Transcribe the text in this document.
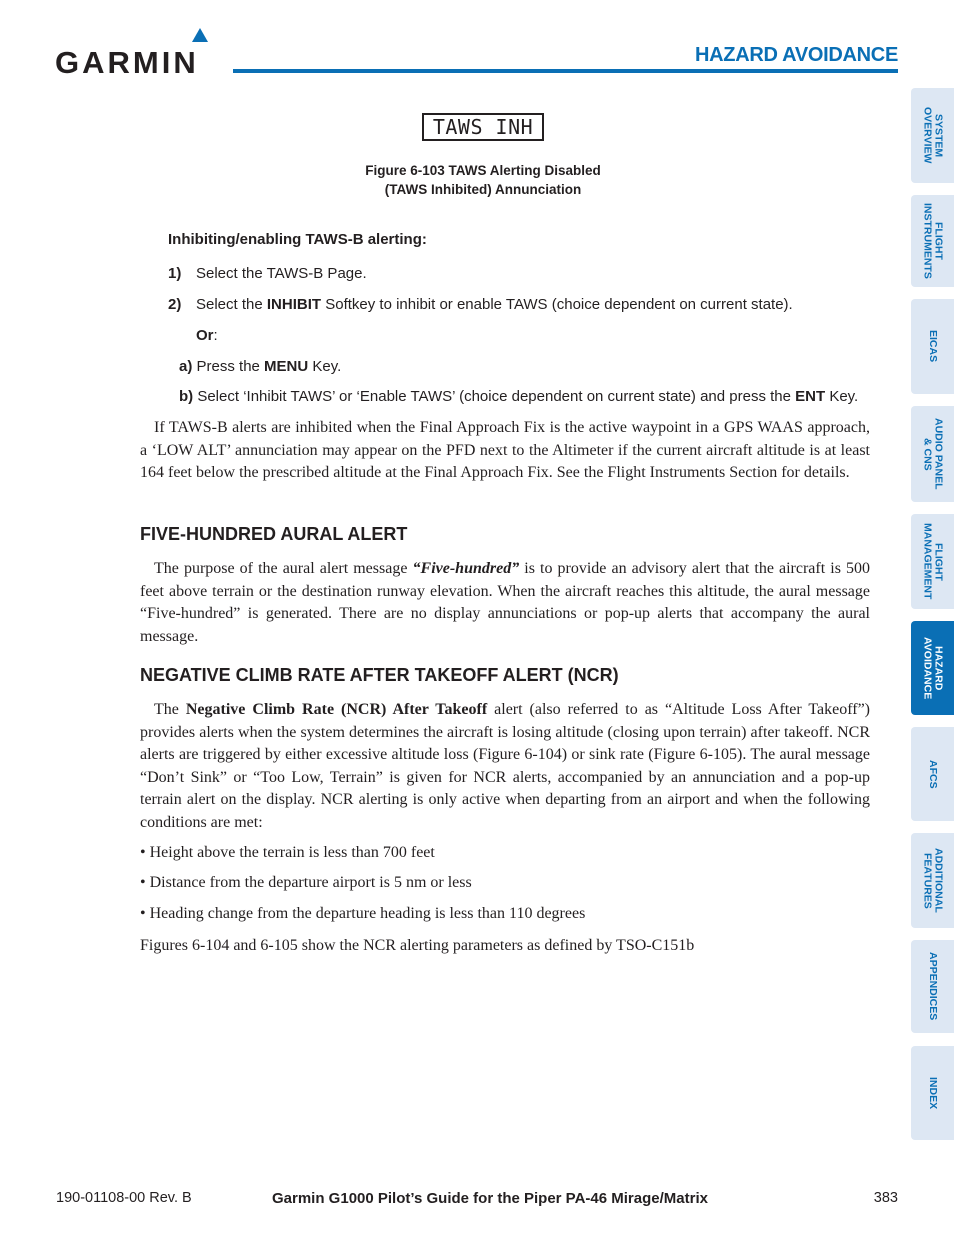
GARMIN	HAZARD AVOIDANCE
SYSTEM
OVERVIEW
FLIGHT
INSTRUMENTS
EICAS
AUDIO PANEL
& CNS
FLIGHT
MANAGEMENT
HAZARD
AVOIDANCE
AFCS
ADDITIONAL
FEATURES
APPENDICES
INDEX
TAWS INH
Figure 6-103 TAWS Alerting Disabled
(TAWS Inhibited) Annunciation
Inhibiting/enabling TAWS-B alerting:
1) Select the TAWS-B Page.
2) Select the INHIBIT Softkey to inhibit or enable TAWS (choice dependent on current state).
Or:
a) Press the MENU Key.
b) Select ‘Inhibit TAWS’ or ‘Enable TAWS’ (choice dependent on current state) and press the ENT Key.
If TAWS-B alerts are inhibited when the Final Approach Fix is the active waypoint in a GPS WAAS approach, a ‘LOW ALT’ annunciation may appear on the PFD next to the Altimeter if the current aircraft altitude is at least 164 feet below the prescribed altitude at the Final Approach Fix. See the Flight Instruments Section for details.
FIVE-HUNDRED AURAL ALERT
The purpose of the aural alert message “Five-hundred” is to provide an advisory alert that the aircraft is 500 feet above terrain or the destination runway elevation. When the aircraft reaches this altitude, the aural message “Five-hundred” is generated. There are no display annunciations or pop-up alerts that accompany the aural message.
NEGATIVE CLIMB RATE AFTER TAKEOFF ALERT (NCR)
The Negative Climb Rate (NCR) After Takeoff alert (also referred to as “Altitude Loss After Takeoff”) provides alerts when the system determines the aircraft is losing altitude (closing upon terrain) after takeoff. NCR alerts are triggered by either excessive altitude loss (Figure 6-104) or sink rate (Figure 6-105). The aural message “Don’t Sink” or “Too Low, Terrain” is given for NCR alerts, accompanied by an annunciation and a pop-up terrain alert on the display. NCR alerting is only active when departing from an airport and when the following conditions are met:
• Height above the terrain is less than 700 feet
• Distance from the departure airport is 5 nm or less
• Heading change from the departure heading is less than 110 degrees
Figures 6-104 and 6-105 show the NCR alerting parameters as defined by TSO-C151b
190-01108-00 Rev. B	Garmin G1000 Pilot’s Guide for the Piper PA-46 Mirage/Matrix	383
